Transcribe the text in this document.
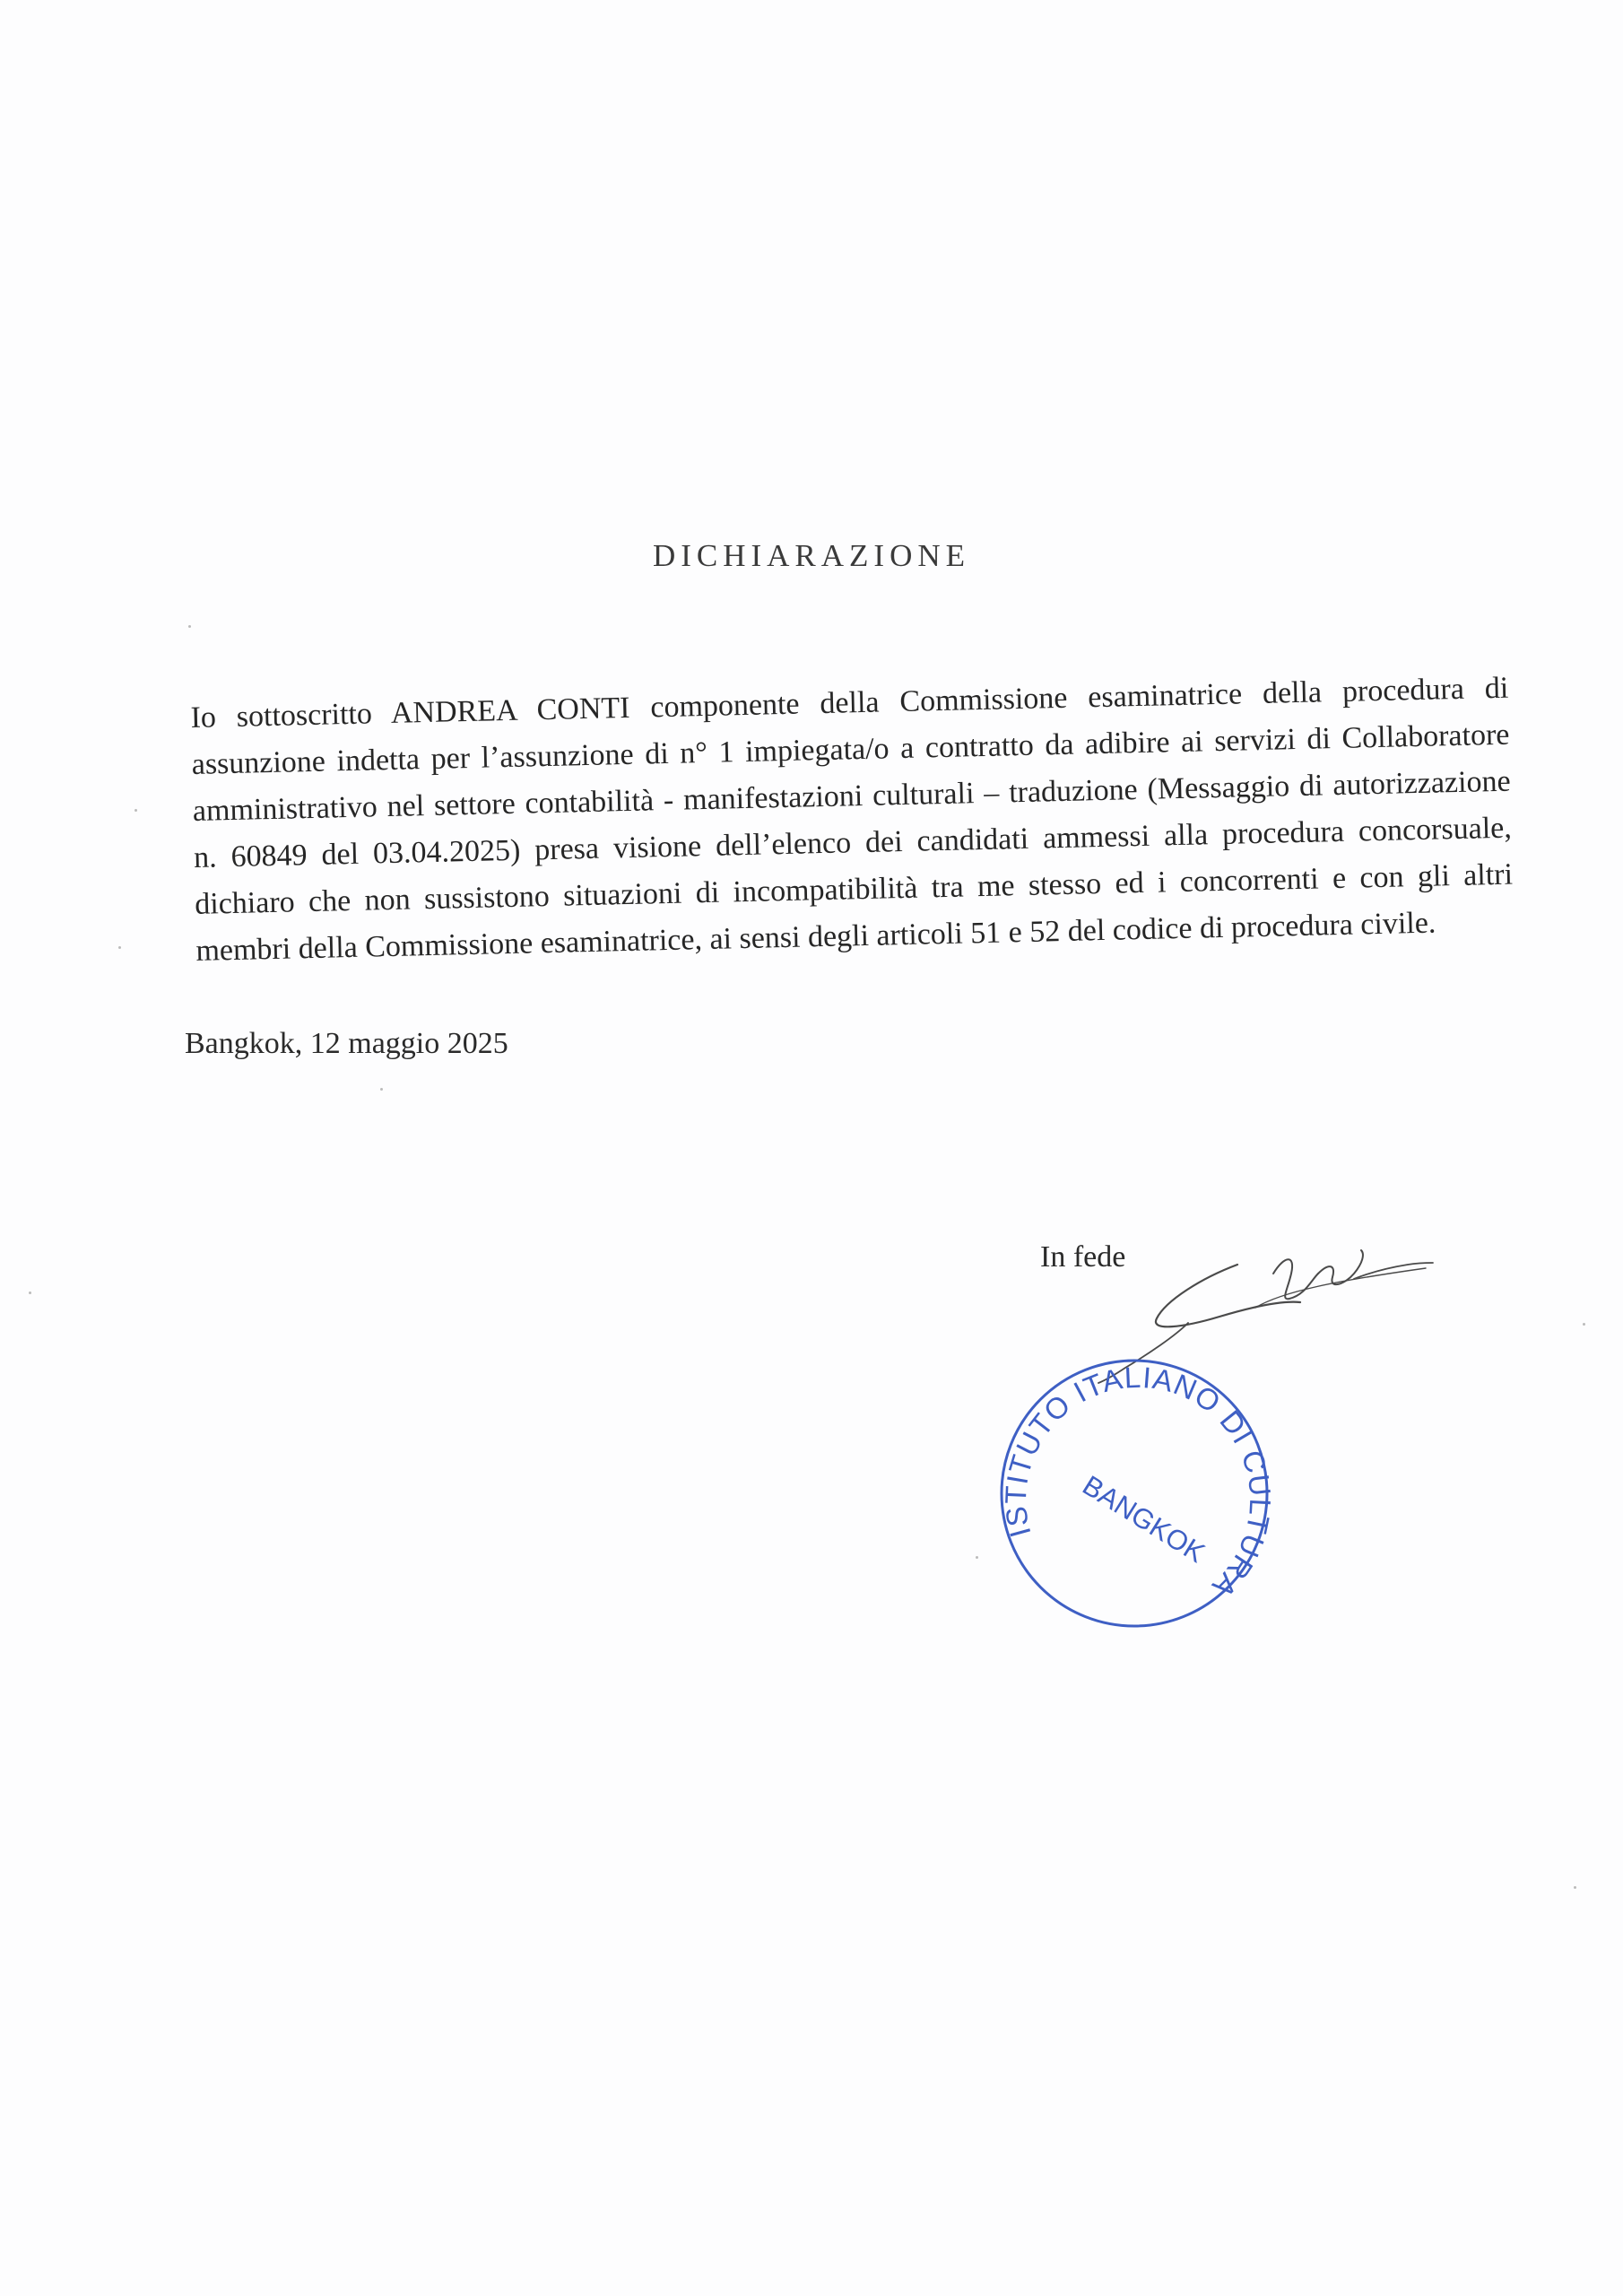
DICHIARAZIONE
Io sottoscritto ANDREA CONTI componente della Commissione esaminatrice della procedura di assunzione indetta per l’assunzione di n° 1 impiegata/o a contratto da adibire ai servizi di Collaboratore amministrativo nel settore contabilità - manifestazioni culturali – traduzione (Messaggio di autorizzazione n. 60849 del 03.04.2025) presa visione dell’elenco dei candidati ammessi alla procedura concorsuale, dichiaro che non sussistono situazioni di incompatibilità tra me stesso ed i concorrenti e con gli altri membri della Commissione esaminatrice, ai sensi degli articoli 51 e 52 del codice di procedura civile.
Bangkok, 12 maggio 2025
In fede
ISTITUTO ITALIANO DI CULTURA
BANGKOK
